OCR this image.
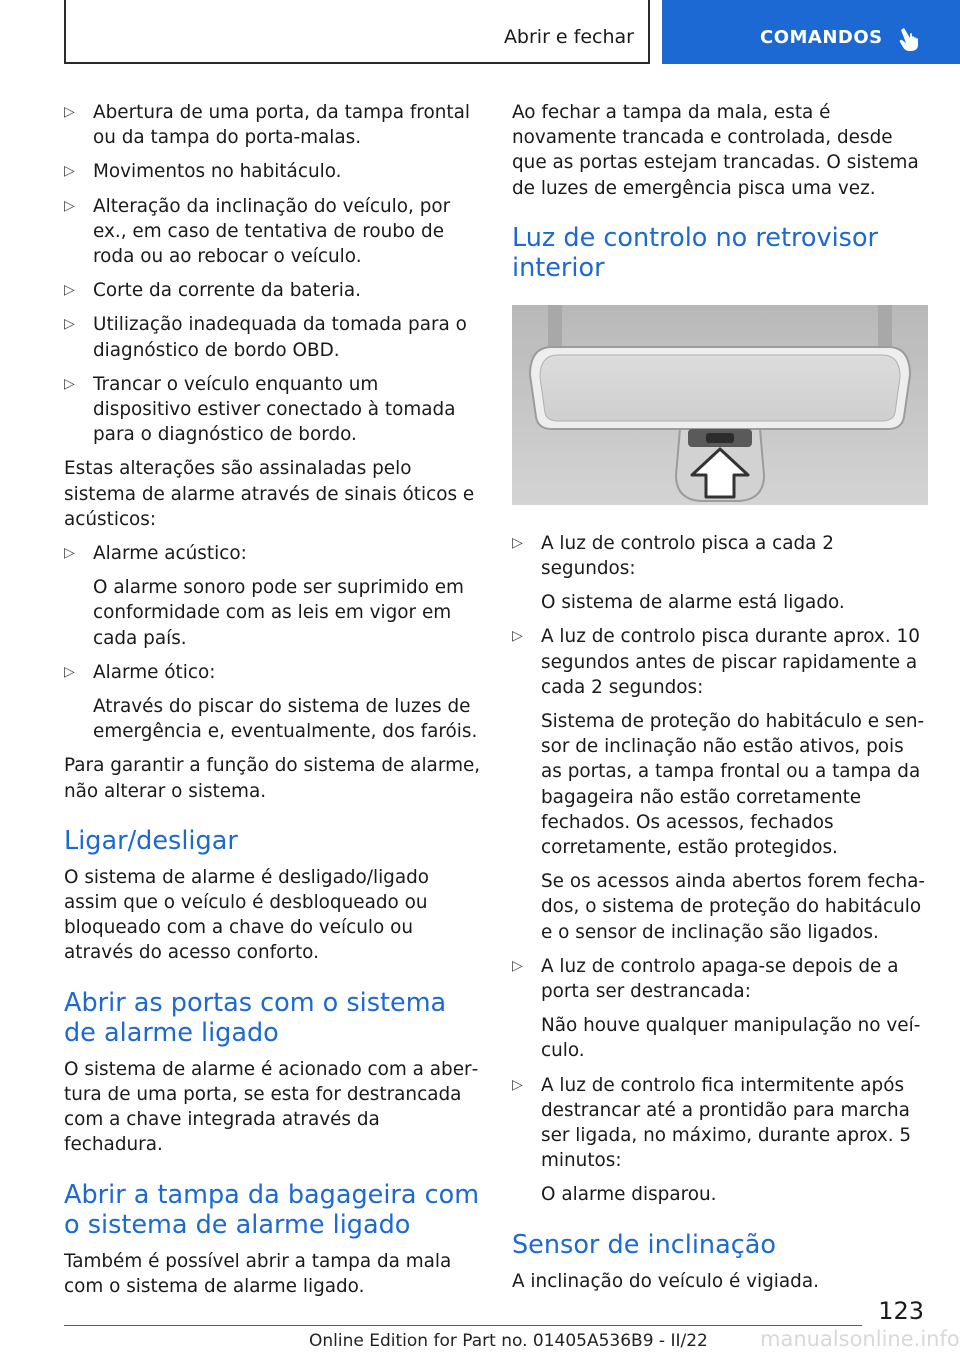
Abrir e fechar	COMANDOS
▷ Abertura de uma porta, da tampa frontal ou da tampa do porta-malas.
▷ Movimentos no habitáculo.
▷ Alteração da inclinação do veículo, por ex., em caso de tentativa de roubo de roda ou ao rebocar o veículo.
▷ Corte da corrente da bateria.
▷ Utilização inadequada da tomada para o diagnóstico de bordo OBD.
▷ Trancar o veículo enquanto um dispositivo estiver conectado à tomada para o diagnóstico de bordo.

Estas alterações são assinaladas pelo sistema de alarme através de sinais óticos e acústicos:

▷ Alarme acústico:
O alarme sonoro pode ser suprimido em conformidade com as leis em vigor em cada país.
▷ Alarme ótico:
Através do piscar do sistema de luzes de emergência e, eventualmente, dos faróis.

Para garantir a função do sistema de alarme, não alterar o sistema.

Ligar/desligar

O sistema de alarme é desligado/ligado assim que o veículo é desbloqueado ou bloqueado com a chave do veículo ou através do acesso conforto.

Abrir as portas com o sistema de alarme ligado

O sistema de alarme é acionado com a abertura de uma porta, se esta for destrancada com a chave integrada através da fechadura.

Abrir a tampa da bagageira com o sistema de alarme ligado

Também é possível abrir a tampa da mala com o sistema de alarme ligado.

Ao fechar a tampa da mala, esta é novamente trancada e controlada, desde que as portas estejam trancadas. O sistema de luzes de emergência pisca uma vez.

Luz de controlo no retrovisor interior
▷ A luz de controlo pisca a cada 2 segundos:
O sistema de alarme está ligado.
▷ A luz de controlo pisca durante aprox. 10 segundos antes de piscar rapidamente a cada 2 segundos:
Sistema de proteção do habitáculo e sensor de inclinação não estão ativos, pois as portas, a tampa frontal ou a tampa da bagageira não estão corretamente fechados. Os acessos, fechados corretamente, estão protegidos.
Se os acessos ainda abertos forem fechados, o sistema de proteção do habitáculo e o sensor de inclinação são ligados.
▷ A luz de controlo apaga-se depois de a porta ser destrancada:
Não houve qualquer manipulação no veículo.
▷ A luz de controlo fica intermitente após destrancar até a prontidão para marcha ser ligada, no máximo, durante aprox. 5 minutos:
O alarme disparou.
Sensor de inclinação

A inclinação do veículo é vigiada.

123
Online Edition for Part no. 01405A536B9 - II/22 manualsonline.info
